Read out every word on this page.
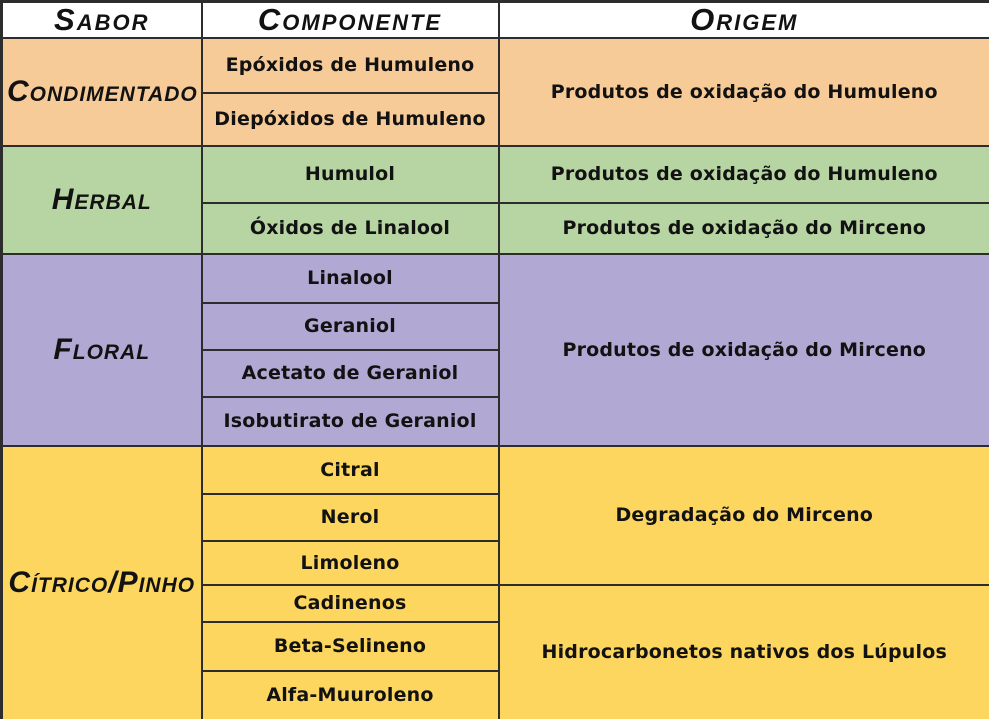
Sabor	Componente	Origem
Condimentado	Epóxidos de Humuleno	Produtos de oxidação do Humuleno
	Diepóxidos de Humuleno	
Herbal	Humulol	Produtos de oxidação do Humuleno
	Óxidos de Linalool	Produtos de oxidação do Mirceno
Floral	Linalool	Produtos de oxidação do Mirceno
	Geraniol	
	Acetato de Geraniol	
	Isobutirato de Geraniol	
Cítrico/Pinho	Citral	Degradação do Mirceno
	Nerol	
	Limoleno	
	Cadinenos	Hidrocarbonetos nativos dos Lúpulos
	Beta-Selineno	
	Alfa-Muuroleno	
